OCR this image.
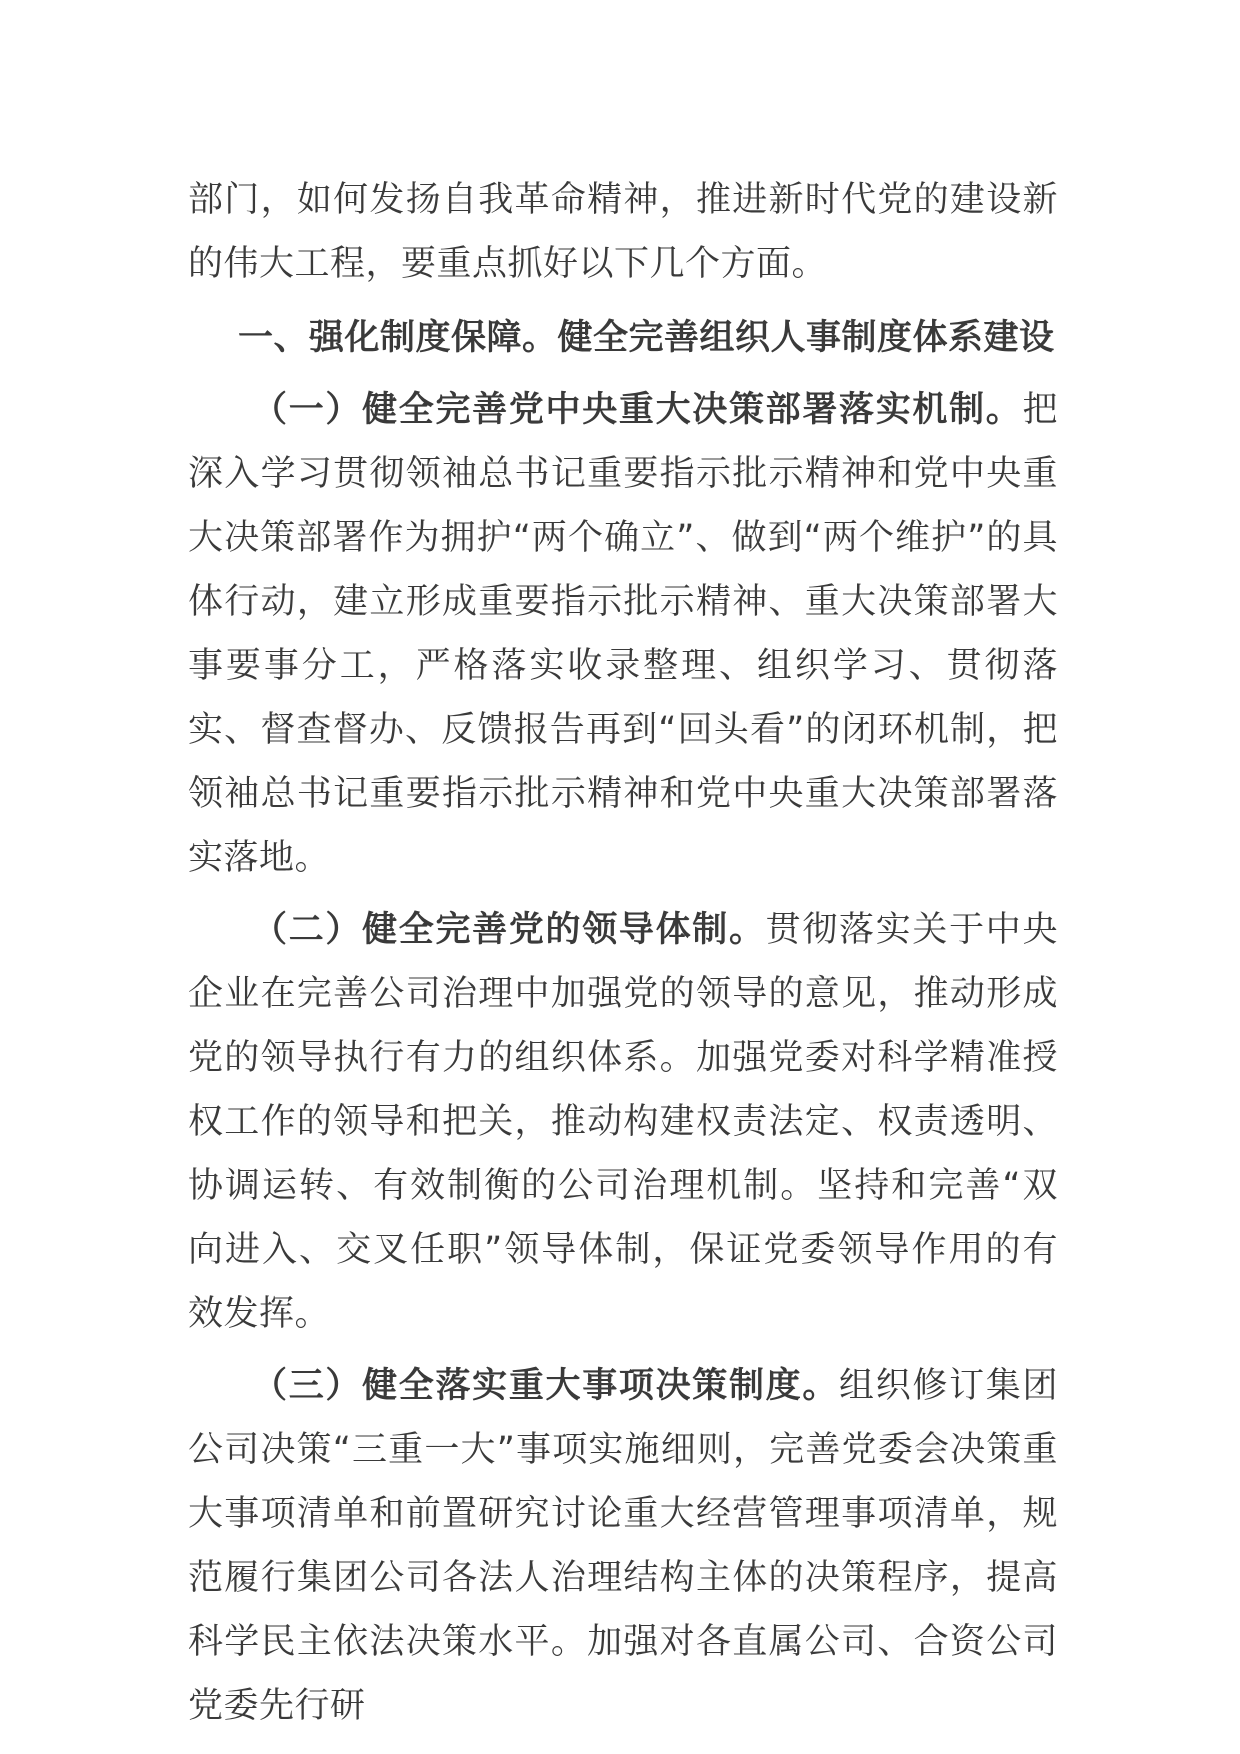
部门，如何发扬自我革命精神，推进新时代党的建设新的伟大工程，要重点抓好以下几个方面。

一、强化制度保障。健全完善组织人事制度体系建设

（一）健全完善党中央重大决策部署落实机制。把深入学习贯彻领袖总书记重要指示批示精神和党中央重大决策部署作为拥护“两个确立”、做到“两个维护”的具体行动，建立形成重要指示批示精神、重大决策部署大事要事分工，严格落实收录整理、组织学习、贯彻落实、督查督办、反馈报告再到“回头看”的闭环机制，把领袖总书记重要指示批示精神和党中央重大决策部署落实落地。

（二）健全完善党的领导体制。贯彻落实关于中央企业在完善公司治理中加强党的领导的意见，推动形成党的领导执行有力的组织体系。加强党委对科学精准授权工作的领导和把关，推动构建权责法定、权责透明、协调运转、有效制衡的公司治理机制。坚持和完善“双向进入、交叉任职”领导体制，保证党委领导作用的有效发挥。

（三）健全落实重大事项决策制度。组织修订集团公司决策“三重一大”事项实施细则，完善党委会决策重大事项清单和前置研究讨论重大经营管理事项清单，规范履行集团公司各法人治理结构主体的决策程序，提高科学民主依法决策水平。加强对各直属公司、合资公司党委先行研
